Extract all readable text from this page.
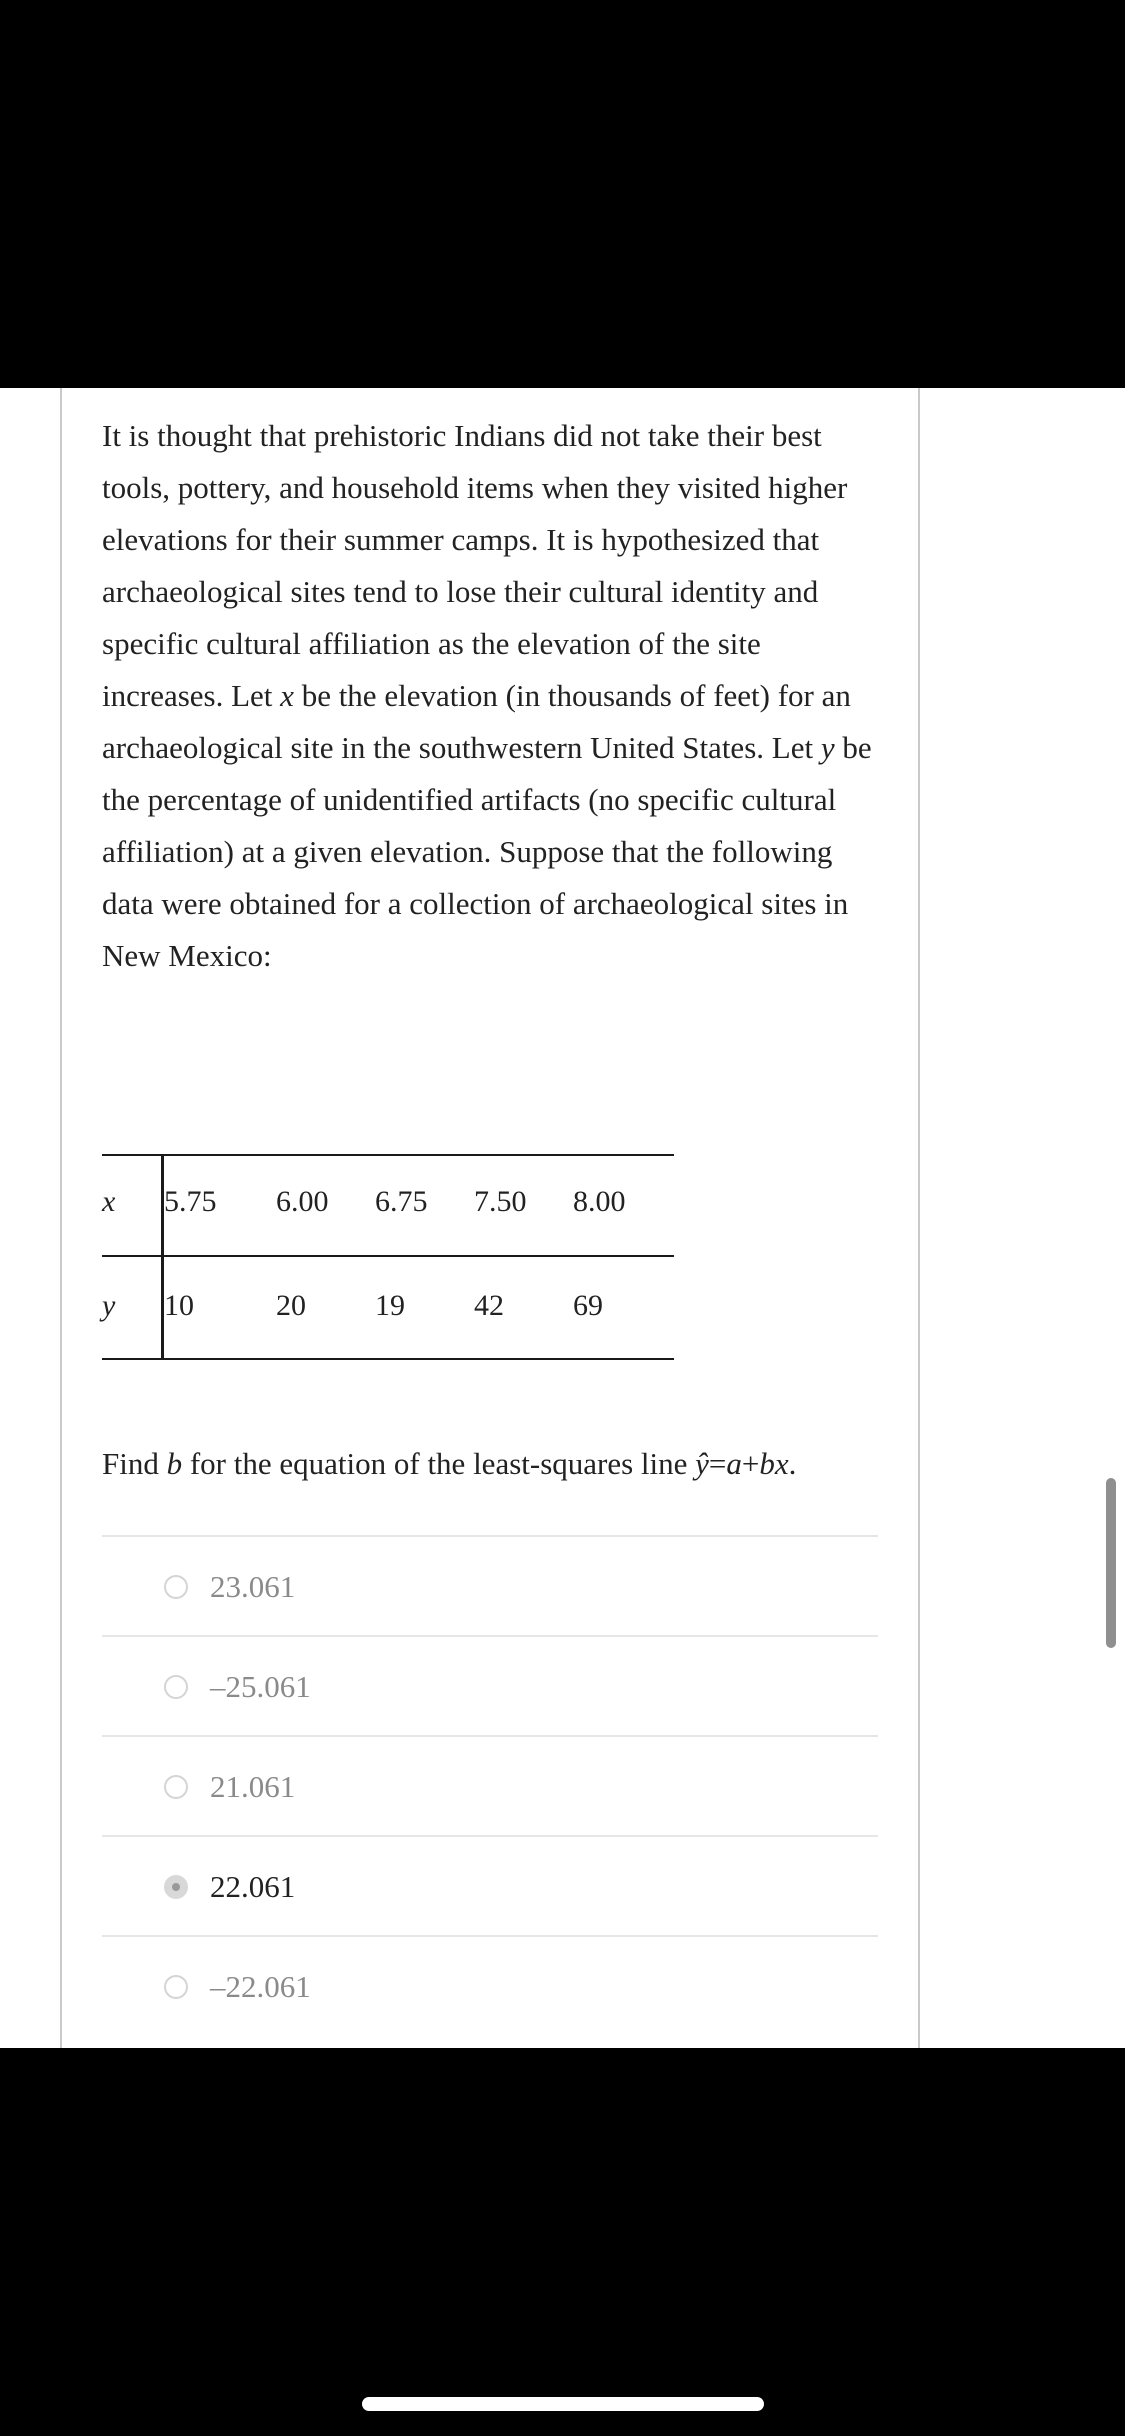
It is thought that prehistoric Indians did not take their best tools, pottery, and household items when they visited higher elevations for their summer camps. It is hypothesized that archaeological sites tend to lose their cultural identity and specific cultural affiliation as the elevation of the site increases. Let x be the elevation (in thousands of feet) for an archaeological site in the southwestern United States. Let y be the percentage of unidentified artifacts (no specific cultural affiliation) at a given elevation. Suppose that the following data were obtained for a collection of archaeological sites in New Mexico:
x 5.75 6.00 6.75 7.50 8.00
y 10	20 19 42 69
Find b for the equation of the least-squares line ŷ=a+bx.
23.061
–25.061
21.061
22.061
–22.061
